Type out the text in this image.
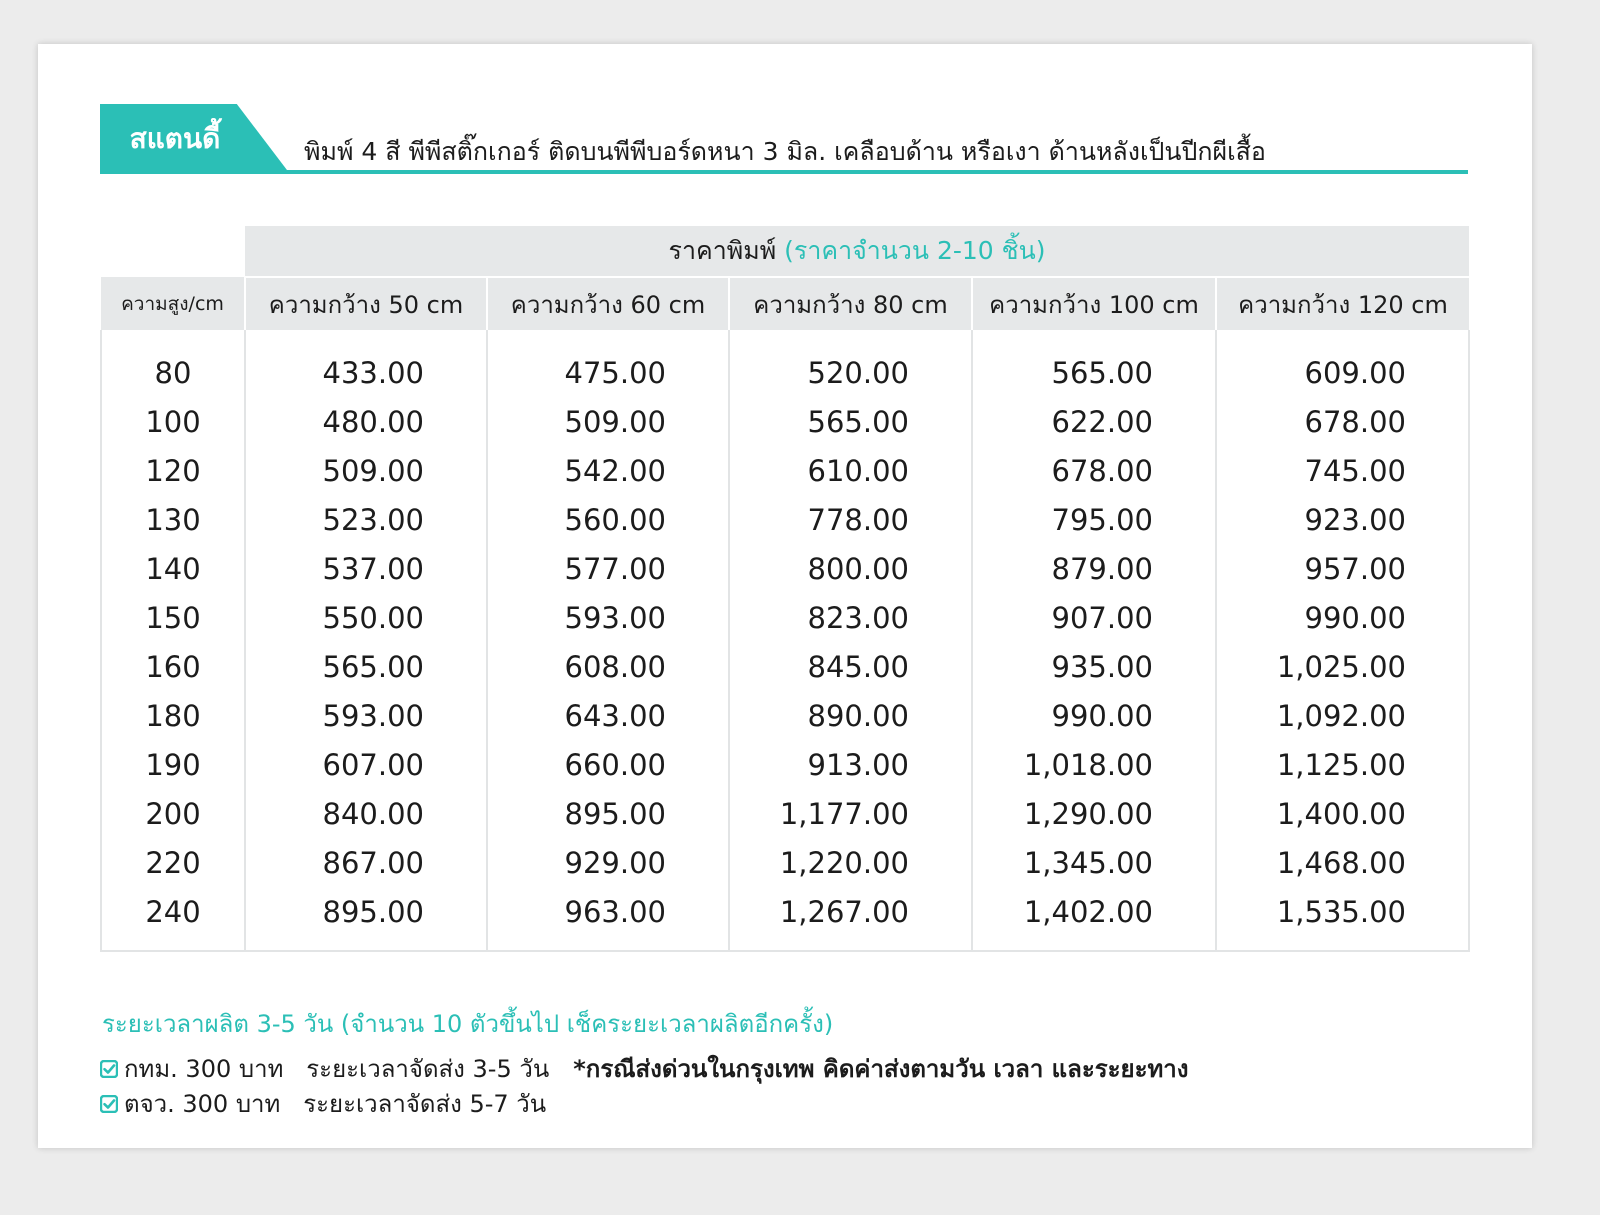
สแตนดี้	พิมพ์ 4 สี พีพีสติ๊กเกอร์ ติดบนพีพีบอร์ดหนา 3 มิล. เคลือบด้าน หรือเงา ด้านหลังเป็นปีกผีเสื้อ
	ราคาพิมพ์ (ราคาจำนวน 2-10 ชิ้น)				
ความสูง/cm	ความกว้าง 50 cm	ความกว้าง 60 cm	ความกว้าง 80 cm	ความกว้าง 100 cm	ความกว้าง 120 cm
80	433.00	475.00	520.00	565.00	609.00
100	480.00	509.00	565.00	622.00	678.00
120	509.00	542.00	610.00	678.00	745.00
130	523.00	560.00	778.00	795.00	923.00
140	537.00	577.00	800.00	879.00	957.00
150	550.00	593.00	823.00	907.00	990.00
160	565.00	608.00	845.00	935.00	1,025.00
180	593.00	643.00	890.00	990.00	1,092.00
190	607.00	660.00	913.00	1,018.00	1,125.00
200	840.00	895.00	1,177.00	1,290.00	1,400.00
220	867.00	929.00	1,220.00	1,345.00	1,468.00
240	895.00	963.00	1,267.00	1,402.00	1,535.00
ระยะเวลาผลิต 3-5 วัน (จำนวน 10 ตัวขึ้นไป เช็คระยะเวลาผลิตอีกครั้ง)
กทม. 300 บาท   ระยะเวลาจัดส่ง 3-5 วัน *กรณีส่งด่วนในกรุงเทพ คิดค่าส่งตามวัน เวลา และระยะทาง
ตจว. 300 บาท   ระยะเวลาจัดส่ง 5-7 วัน
